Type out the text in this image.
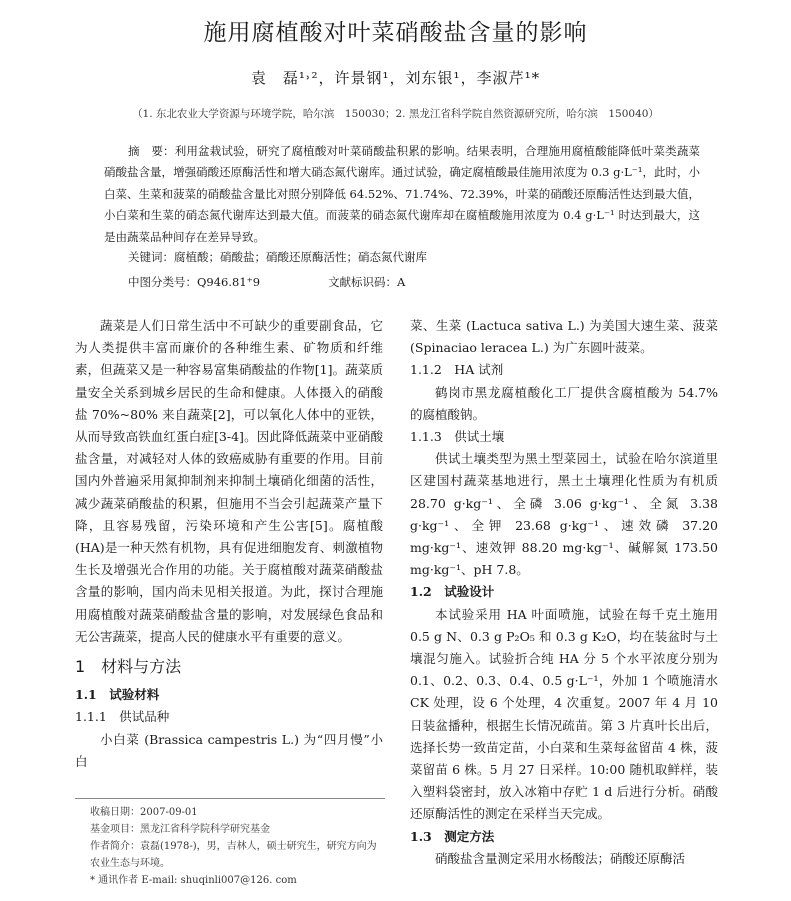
施用腐植酸对叶菜硝酸盐含量的影响
袁　磊¹˒²，许景钢¹，刘东银¹，李淑芹¹*
（1. 东北农业大学资源与环境学院，哈尔滨　150030；2. 黑龙江省科学院自然资源研究所，哈尔滨　150040）

摘　要：利用盆栽试验，研究了腐植酸对叶菜硝酸盐积累的影响。结果表明，合理施用腐植酸能降低叶菜类蔬菜硝酸盐含量，增强硝酸还原酶活性和增大硝态氮代谢库。通过试验，确定腐植酸最佳施用浓度为 0.3 g·L⁻¹，此时，小白菜、生菜和菠菜的硝酸盐含量比对照分别降低 64.52%、71.74%、72.39%，叶菜的硝酸还原酶活性达到最大值，小白菜和生菜的硝态氮代谢库达到最大值。而菠菜的硝态氮代谢库却在腐植酸施用浓度为 0.4 g·L⁻¹ 时达到最大，这是由蔬菜品种间存在差异导致。

关键词：腐植酸；硝酸盐；硝酸还原酶活性；硝态氮代谢库
中图分类号：Q946.81⁺9	文献标识码：A

蔬菜是人们日常生活中不可缺少的重要副食品，它为人类提供丰富而廉价的各种维生素、矿物质和纤维素，但蔬菜又是一种容易富集硝酸盐的作物[1]。蔬菜质量安全关系到城乡居民的生命和健康。人体摄入的硝酸盐 70%~80% 来自蔬菜[2]，可以氧化人体中的亚铁，从而导致高铁血红蛋白症[3-4]。因此降低蔬菜中亚硝酸盐含量，对减轻对人体的致癌威胁有重要的作用。目前国内外普遍采用氮抑制剂来抑制土壤硝化细菌的活性，减少蔬菜硝酸盐的积累，但施用不当会引起蔬菜产量下降，且容易残留，污染环境和产生公害[5]。腐植酸(HA)是一种天然有机物，具有促进细胞发育、刺激植物生长及增强光合作用的功能。关于腐植酸对蔬菜硝酸盐含量的影响，国内尚未见相关报道。为此，探讨合理施用腐植酸对蔬菜硝酸盐含量的影响，对发展绿色食品和无公害蔬菜，提高人民的健康水平有重要的意义。

1　材料与方法

1.1　试验材料

1.1.1　供试品种

小白菜 (Brassica campestris L.) 为“四月慢”小白

收稿日期：2007-09-01

基金项目：黑龙江省科学院科学研究基金

作者简介：袁磊(1978-)，男，吉林人，硕士研究生，研究方向为农业生态与环境。

* 通讯作者 E-mail: shuqinli007@126. com

菜、生菜 (Lactuca sativa L.) 为美国大速生菜、菠菜 (Spinaciao leracea L.) 为广东圆叶菠菜。

1.1.2　HA 试剂

鹤岗市黑龙腐植酸化工厂提供含腐植酸为 54.7% 的腐植酸钠。

1.1.3　供试土壤

供试土壤类型为黑土型菜园土，试验在哈尔滨道里区建国村蔬菜基地进行，黑土土壤理化性质为有机质 28.70 g·kg⁻¹、全磷 3.06 g·kg⁻¹、全氮 3.38 g·kg⁻¹、全钾 23.68 g·kg⁻¹、速效磷 37.20 mg·kg⁻¹、速效钾 88.20 mg·kg⁻¹、碱解氮 173.50 mg·kg⁻¹、pH 7.8。

1.2　试验设计

本试验采用 HA 叶面喷施，试验在每千克土施用 0.5 g N、0.3 g P₂O₅ 和 0.3 g K₂O，均在装盆时与土壤混匀施入。试验折合纯 HA 分 5 个水平浓度分别为 0.1、0.2、0.3、0.4、0.5 g·L⁻¹，外加 1 个喷施清水 CK 处理，设 6 个处理，4 次重复。2007 年 4 月 10 日装盆播种，根据生长情况疏苗。第 3 片真叶长出后，选择长势一致苗定苗，小白菜和生菜每盆留苗 4 株，菠菜留苗 6 株。5 月 27 日采样。10:00 随机取鲜样，装入塑料袋密封，放入冰箱中存贮 1 d 后进行分析。硝酸还原酶活性的测定在采样当天完成。

1.3　测定方法

硝酸盐含量测定采用水杨酸法；硝酸还原酶活
